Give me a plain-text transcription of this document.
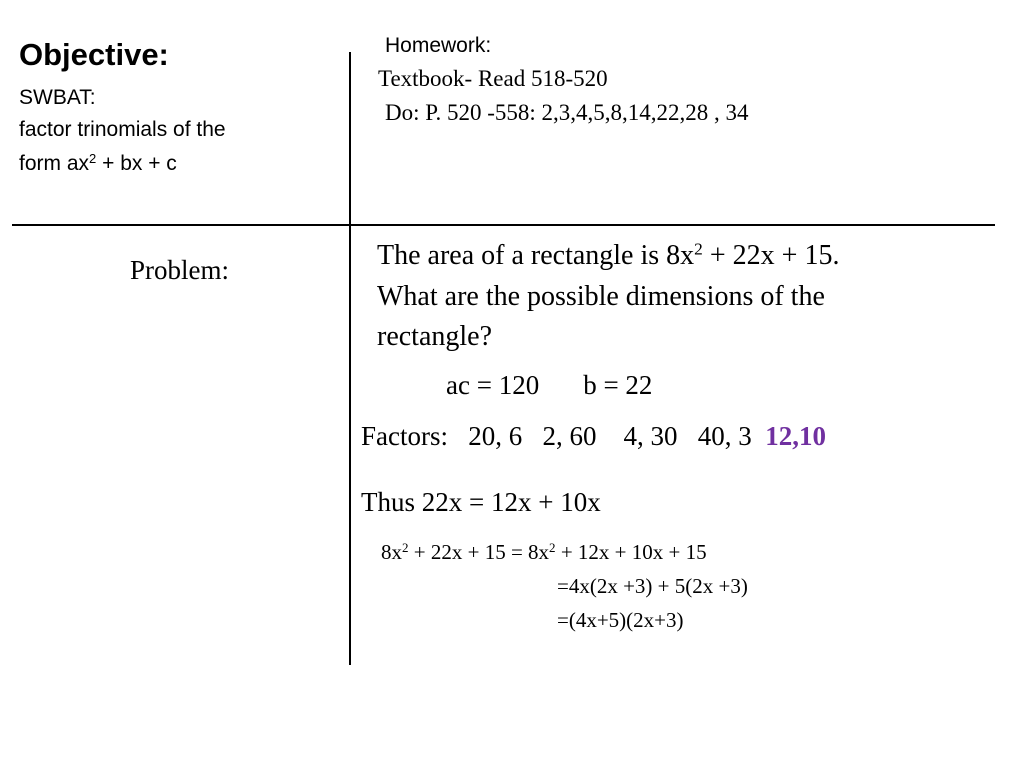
Objective:
SWBAT:
factor trinomials of the
form $ax^2$ + bx + c
Homework:
Textbook- Read 518-520
Do: P. 520 -558: 2,3,4,5,8,14,22,28 , 34
Problem:	The area of a rectangle is $8x^2 + 22x + 15$.
What are the possible dimensions of the
rectangle?
ac = 120 b = 22
Factors: 20, 6   2, 60    4, 30   40, 3 12,10
Thus 22x = 12x + 10x
$8x^2 + 22x + 15 = 8x^2 + 12x + 10x + 15$
=4x(2x +3) + 5(2x +3)
=(4x+5)(2x+3)
